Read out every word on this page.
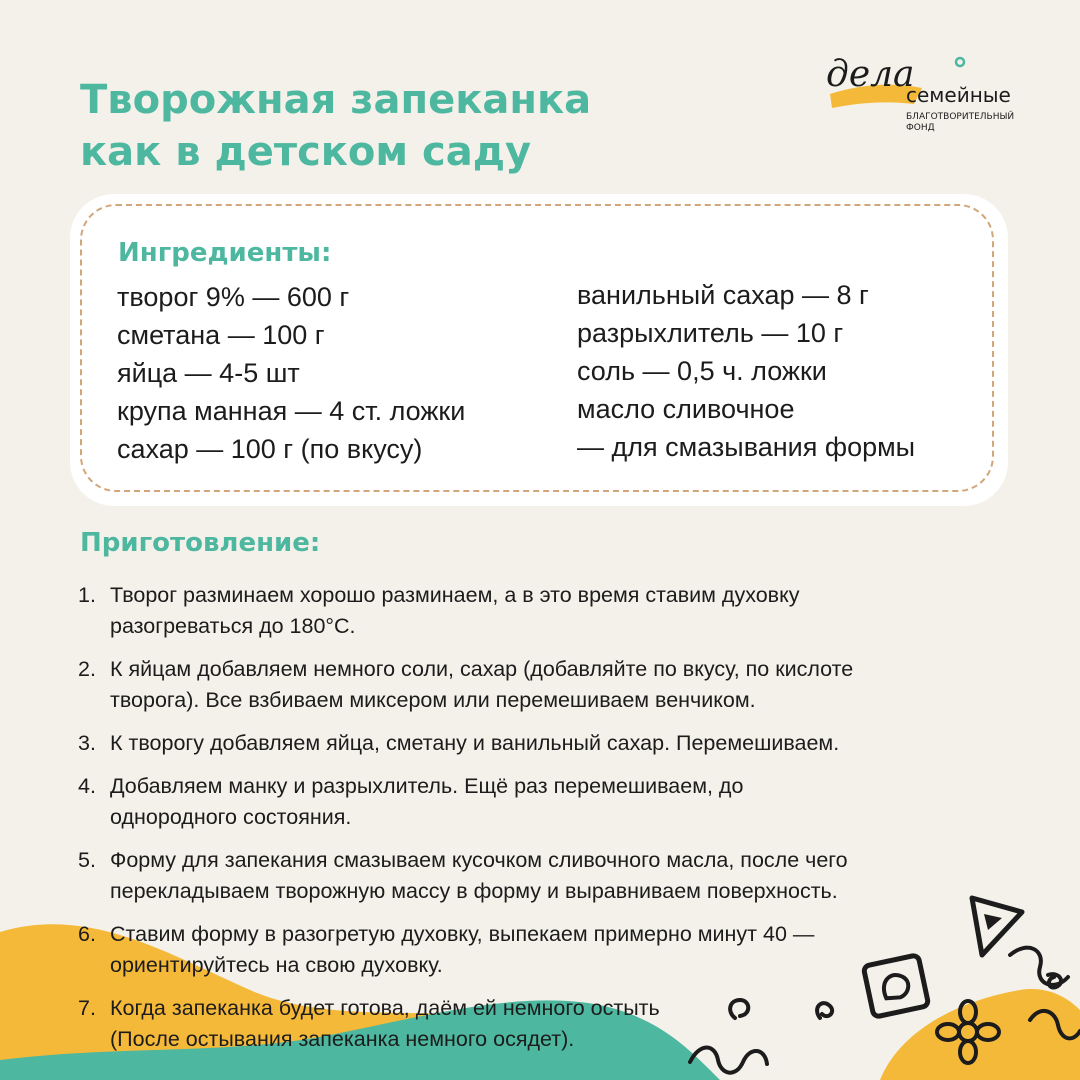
Творожная запеканка
как в детском саду
дела
семейные
БЛАГОТВОРИТЕЛЬНЫЙ
ФОНД
Ингредиенты:
творог 9% — 600 г
сметана — 100 г
яйца — 4-5 шт
крупа манная — 4 ст. ложки
сахар — 100 г (по вкусу)
ванильный сахар — 8 г
разрыхлитель — 10 г
соль — 0,5 ч. ложки
масло сливочное
— для смазывания формы
Приготовление:
1. Творог разминаем хорошо разминаем, а в это время ставим духовку
разогреваться до 180°C.
2. К яйцам добавляем немного соли, сахар (добавляйте по вкусу, по кислоте
творога). Все взбиваем миксером или перемешиваем венчиком.
3. К творогу добавляем яйца, сметану и ванильный сахар. Перемешиваем.
4. Добавляем манку и разрыхлитель. Ещё раз перемешиваем, до
однородного состояния.
5. Форму для запекания смазываем кусочком сливочного масла, после чего
перекладываем творожную массу в форму и выравниваем поверхность.
6. Ставим форму в разогретую духовку, выпекаем примерно минут 40 —
ориентируйтесь на свою духовку.
7. Когда запеканка будет готова, даём ей немного остыть
(После остывания запеканка немного осядет).
